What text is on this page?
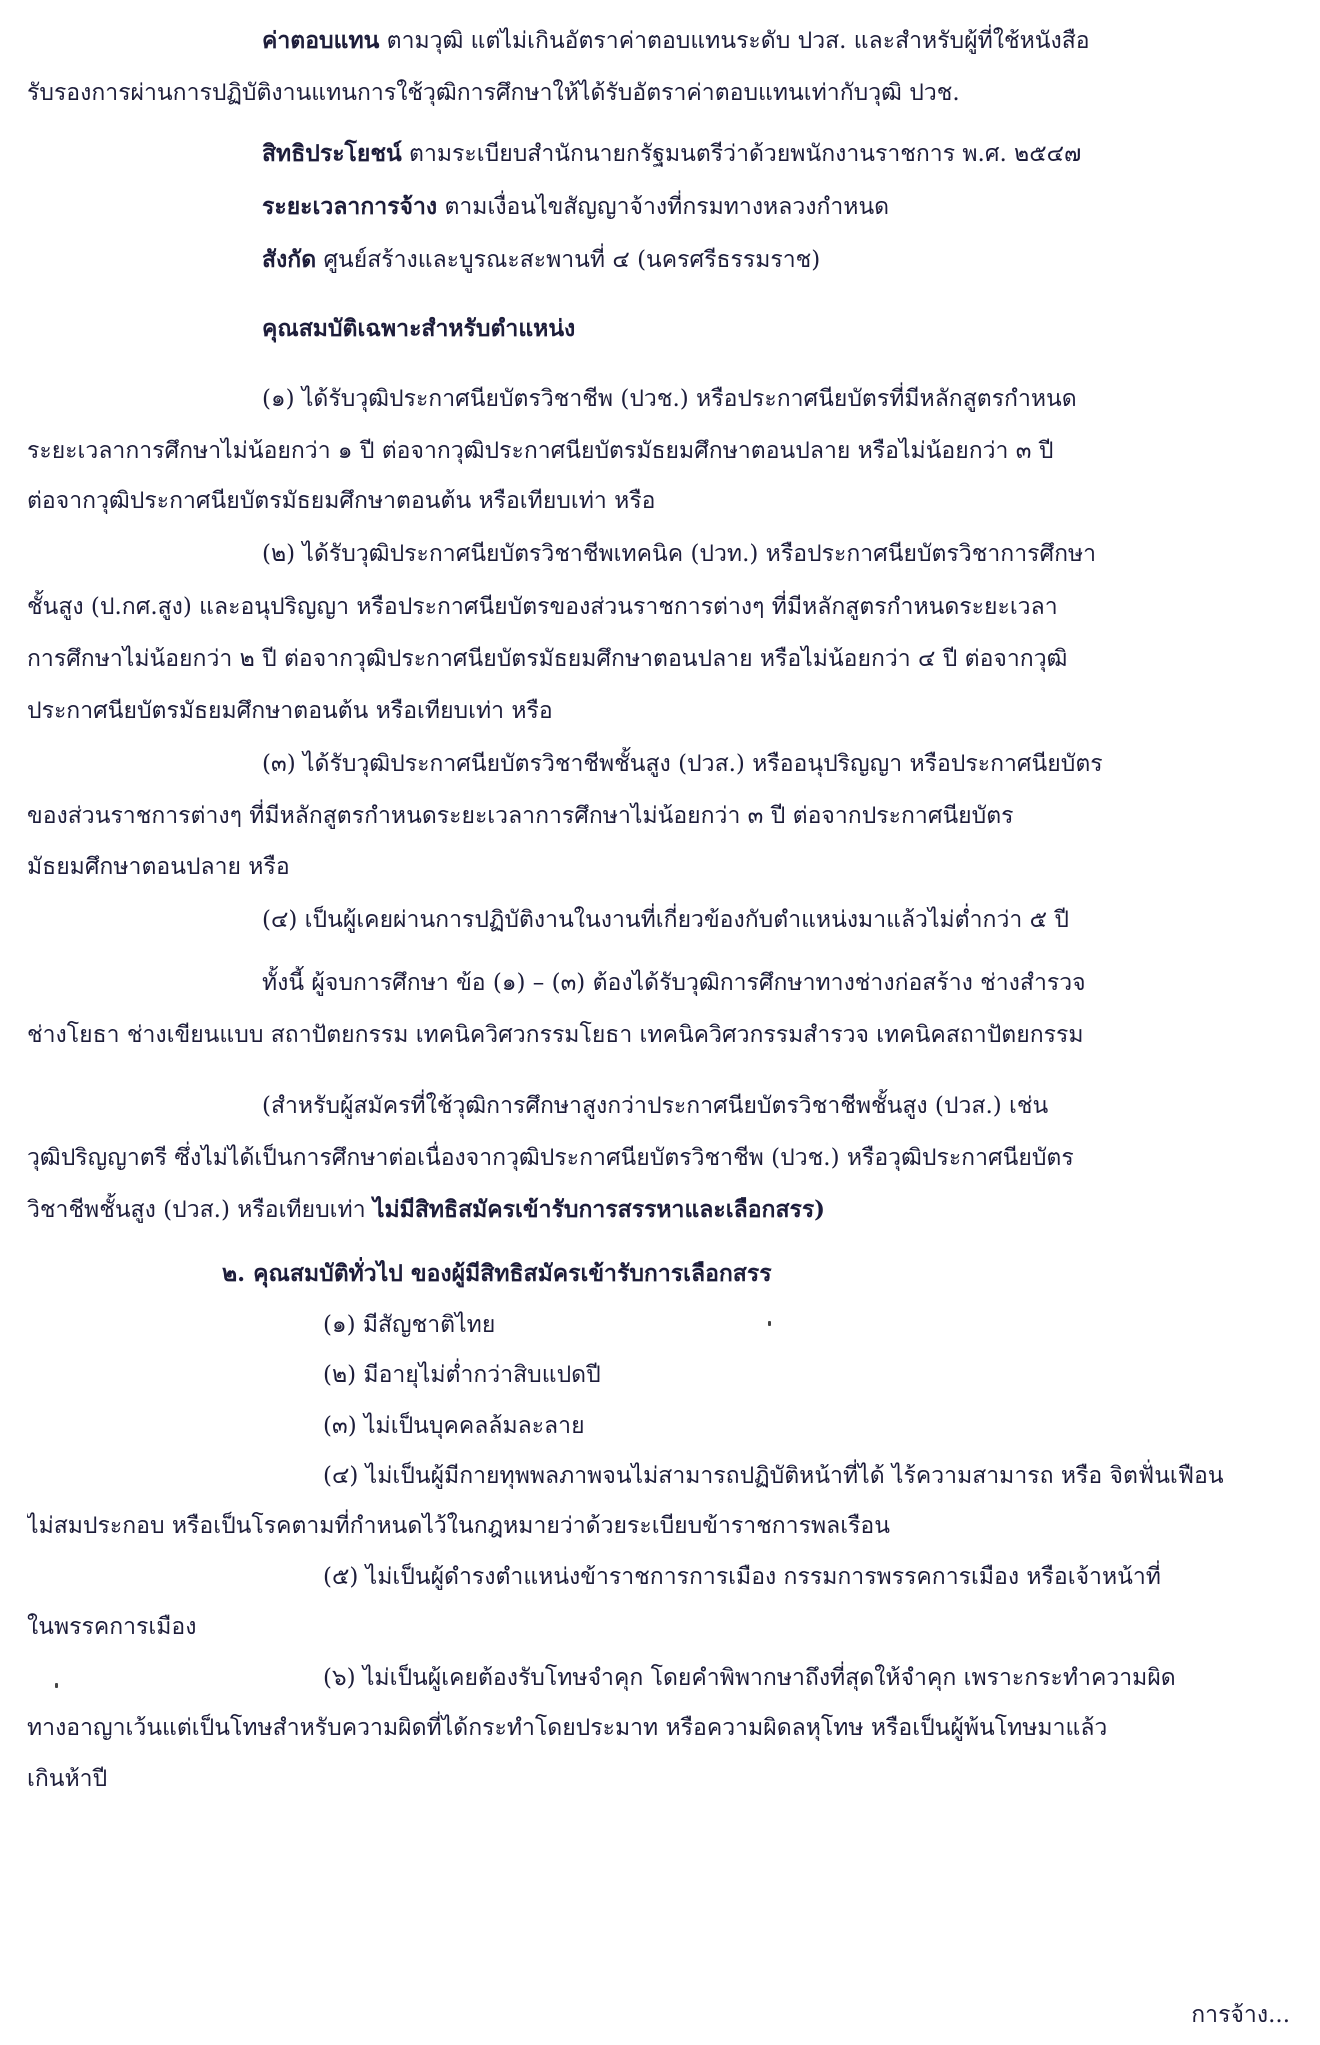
ค่าตอบแทน ตามวุฒิ แต่ไม่เกินอัตราค่าตอบแทนระดับ ปวส. และสำหรับผู้ที่ใช้หนังสือ
รับรองการผ่านการปฏิบัติงานแทนการใช้วุฒิการศึกษาให้ได้รับอัตราค่าตอบแทนเท่ากับวุฒิ ปวช.
สิทธิประโยชน์ ตามระเบียบสำนักนายกรัฐมนตรีว่าด้วยพนักงานราชการ พ.ศ. ๒๕๔๗
ระยะเวลาการจ้าง ตามเงื่อนไขสัญญาจ้างที่กรมทางหลวงกำหนด
สังกัด ศูนย์สร้างและบูรณะสะพานที่ ๔ (นครศรีธรรมราช)
คุณสมบัติเฉพาะสำหรับตำแหน่ง
(๑) ได้รับวุฒิประกาศนียบัตรวิชาชีพ (ปวช.) หรือประกาศนียบัตรที่มีหลักสูตรกำหนด
ระยะเวลาการศึกษาไม่น้อยกว่า ๑ ปี ต่อจากวุฒิประกาศนียบัตรมัธยมศึกษาตอนปลาย หรือไม่น้อยกว่า ๓ ปี
ต่อจากวุฒิประกาศนียบัตรมัธยมศึกษาตอนต้น หรือเทียบเท่า หรือ
(๒) ได้รับวุฒิประกาศนียบัตรวิชาชีพเทคนิค (ปวท.) หรือประกาศนียบัตรวิชาการศึกษา
ชั้นสูง (ป.กศ.สูง) และอนุปริญญา หรือประกาศนียบัตรของส่วนราชการต่างๆ ที่มีหลักสูตรกำหนดระยะเวลา
การศึกษาไม่น้อยกว่า ๒ ปี ต่อจากวุฒิประกาศนียบัตรมัธยมศึกษาตอนปลาย หรือไม่น้อยกว่า ๔ ปี ต่อจากวุฒิ
ประกาศนียบัตรมัธยมศึกษาตอนต้น หรือเทียบเท่า หรือ
(๓) ได้รับวุฒิประกาศนียบัตรวิชาชีพชั้นสูง (ปวส.) หรืออนุปริญญา หรือประกาศนียบัตร
ของส่วนราชการต่างๆ ที่มีหลักสูตรกำหนดระยะเวลาการศึกษาไม่น้อยกว่า ๓ ปี ต่อจากประกาศนียบัตร
มัธยมศึกษาตอนปลาย หรือ
(๔) เป็นผู้เคยผ่านการปฏิบัติงานในงานที่เกี่ยวข้องกับตำแหน่งมาแล้วไม่ต่ำกว่า ๕ ปี
ทั้งนี้ ผู้จบการศึกษา ข้อ (๑) – (๓) ต้องได้รับวุฒิการศึกษาทางช่างก่อสร้าง ช่างสำรวจ
ช่างโยธา ช่างเขียนแบบ สถาปัตยกรรม เทคนิควิศวกรรมโยธา เทคนิควิศวกรรมสำรวจ เทคนิคสถาปัตยกรรม
(สำหรับผู้สมัครที่ใช้วุฒิการศึกษาสูงกว่าประกาศนียบัตรวิชาชีพชั้นสูง (ปวส.) เช่น
วุฒิปริญญาตรี ซึ่งไม่ได้เป็นการศึกษาต่อเนื่องจากวุฒิประกาศนียบัตรวิชาชีพ (ปวช.) หรือวุฒิประกาศนียบัตร
วิชาชีพชั้นสูง (ปวส.) หรือเทียบเท่า ไม่มีสิทธิสมัครเข้ารับการสรรหาและเลือกสรร)
๒. คุณสมบัติทั่วไป ของผู้มีสิทธิสมัครเข้ารับการเลือกสรร
(๑) มีสัญชาติไทย
(๒) มีอายุไม่ต่ำกว่าสิบแปดปี
(๓) ไม่เป็นบุคคลล้มละลาย
(๔) ไม่เป็นผู้มีกายทุพพลภาพจนไม่สามารถปฏิบัติหน้าที่ได้ ไร้ความสามารถ หรือ จิตฟั่นเฟือน
ไม่สมประกอบ หรือเป็นโรคตามที่กำหนดไว้ในกฎหมายว่าด้วยระเบียบข้าราชการพลเรือน
(๕) ไม่เป็นผู้ดำรงตำแหน่งข้าราชการการเมือง กรรมการพรรคการเมือง หรือเจ้าหน้าที่
ในพรรคการเมือง
(๖) ไม่เป็นผู้เคยต้องรับโทษจำคุก โดยคำพิพากษาถึงที่สุดให้จำคุก เพราะกระทำความผิด
ทางอาญาเว้นแต่เป็นโทษสำหรับความผิดที่ได้กระทำโดยประมาท หรือความผิดลหุโทษ หรือเป็นผู้พ้นโทษมาแล้ว
เกินห้าปี
การจ้าง...
